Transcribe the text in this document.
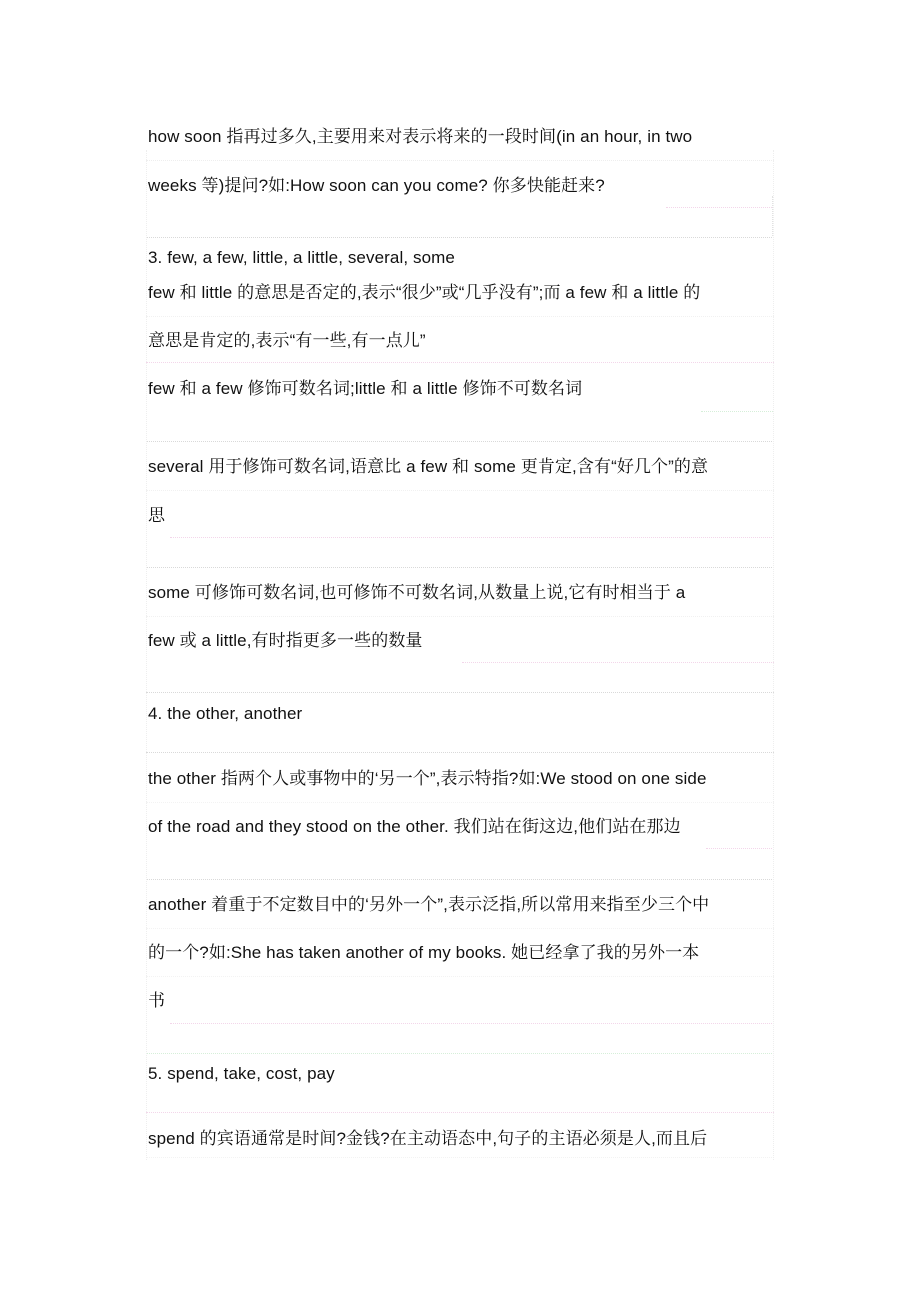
how soon 指再过多久,主要用来对表示将来的一段时间(in an hour, in two
weeks 等)提问?如:How soon can you come? 你多快能赶来?
3. few, a few, little, a little, several, some
few 和 little 的意思是否定的,表示“很少”或“几乎没有”;而 a few 和 a little 的
意思是肯定的,表示“有一些,有一点儿”
few 和 a few 修饰可数名词;little 和 a little 修饰不可数名词
several 用于修饰可数名词,语意比 a few 和 some 更肯定,含有“好几个”的意
思
some 可修饰可数名词,也可修饰不可数名词,从数量上说,它有时相当于 a
few 或 a little,有时指更多一些的数量
4. the other, another
the other 指两个人或事物中的‘另一个”,表示特指?如:We stood on one side
of the road and they stood on the other. 我们站在街这边,他们站在那边
another 着重于不定数目中的‘另外一个”,表示泛指,所以常用来指至少三个中
的一个?如:She has taken another of my books. 她已经拿了我的另外一本
书
5. spend, take, cost, pay
spend 的宾语通常是时间?金钱?在主动语态中,句子的主语必须是人,而且后
